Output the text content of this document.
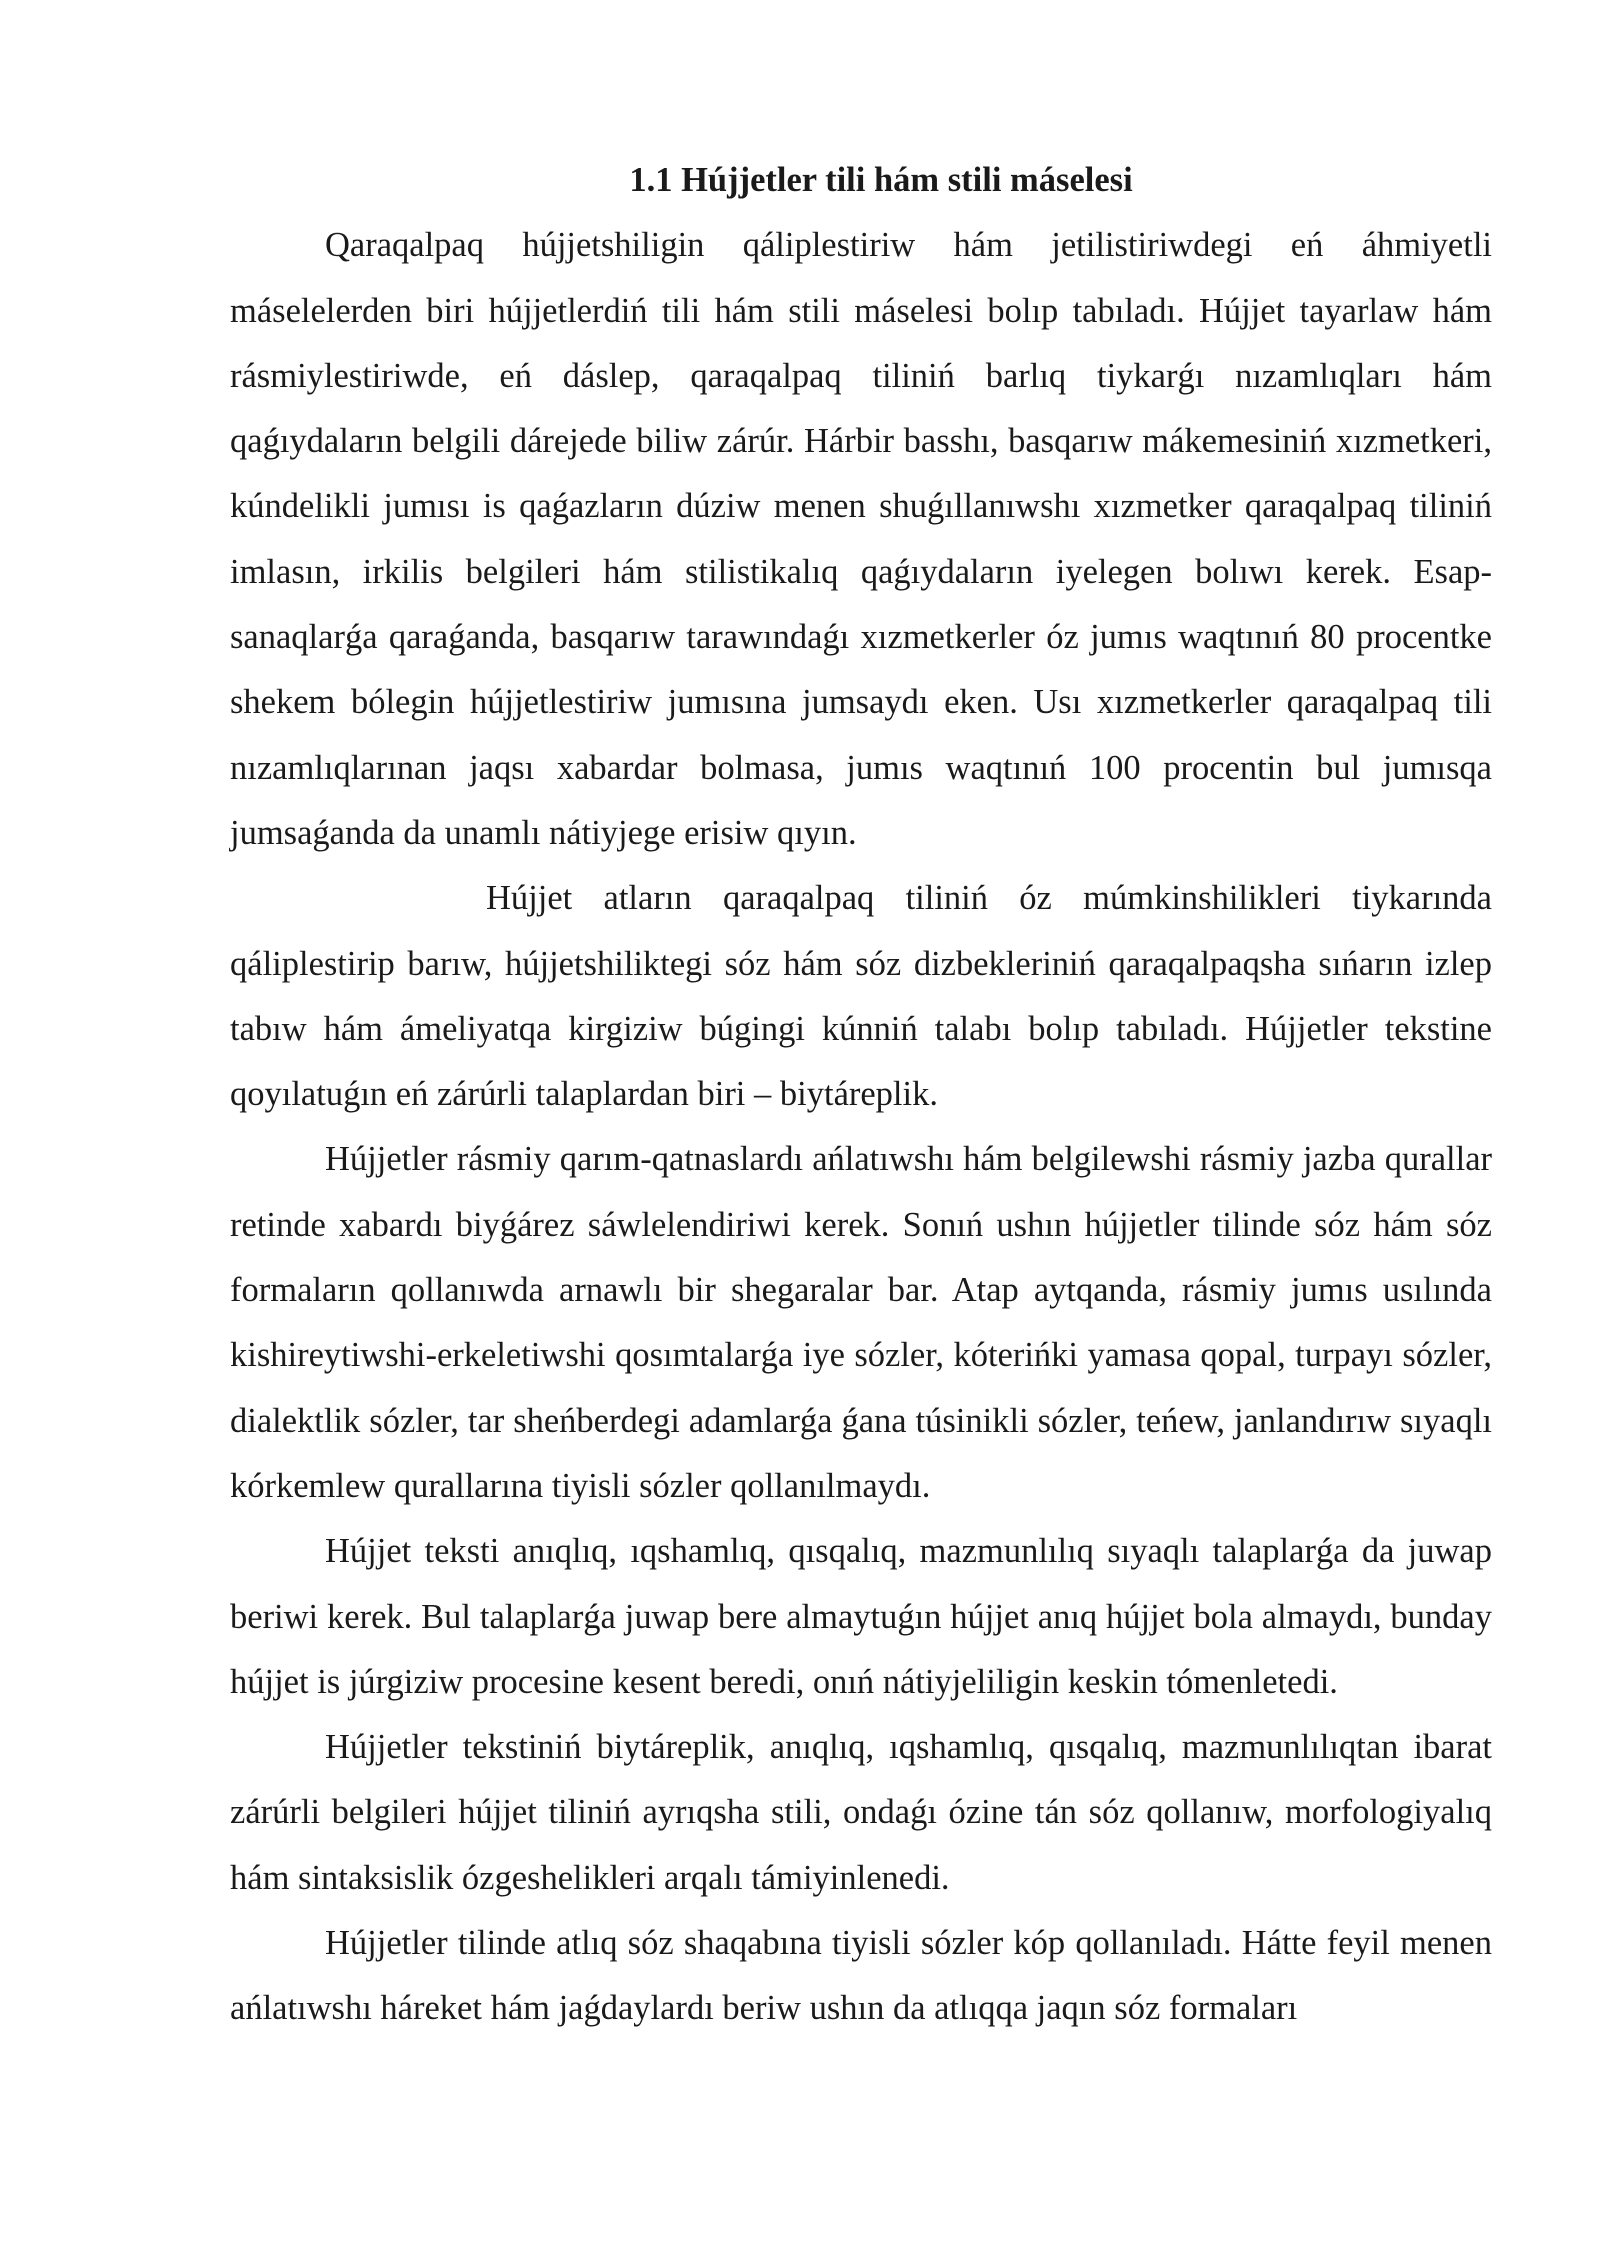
1.1 Hújjetler tili hám stili máselesi

Qaraqalpaq hújjetshiligin qáliplestiriw hám jetilistiriwdegi eń áhmiyetli máselelerden biri hújjetlerdiń tili hám stili máselesi bolıp tabıladı. Hújjet tayarlaw hám rásmiylestiriwde, eń dáslep, qaraqalpaq tiliniń barlıq tiykarǵı nızamlıqları hám qaǵıydaların belgili dárejede biliw zárúr. Hárbir basshı, basqarıw mákemesiniń xızmetkeri, kúndelikli jumısı is qaǵazların dúziw menen shuǵıllanıwshı xızmetker qaraqalpaq tiliniń imlasın, irkilis belgileri hám stilistikalıq qaǵıydaların iyelegen bolıwı kerek. Esap-sanaqlarǵa qaraǵanda, basqarıw tarawındaǵı xızmetkerler óz jumıs waqtınıń 80 procentke shekem bólegin hújjetlestiriw jumısına jumsaydı eken. Usı xızmetkerler qaraqalpaq tili nızamlıqlarınan jaqsı xabardar bolmasa, jumıs waqtınıń 100 procentin bul jumısqa jumsaǵanda da unamlı nátiyjege erisiw qıyın.

Hújjet atların qaraqalpaq tiliniń óz múmkinshilikleri tiykarında qáliplestirip barıw, hújjetshiliktegi sóz hám sóz dizbekleriniń qaraqalpaqsha sıńarın izlep tabıw hám ámeliyatqa kirgiziw búgingi kúnniń talabı bolıp tabıladı. Hújjetler tekstine qoyılatuǵın eń zárúrli talaplardan biri – biytáreplik.

Hújjetler rásmiy qarım-qatnaslardı ańlatıwshı hám belgilewshi rásmiy jazba qurallar retinde xabardı biyǵárez sáwlelendiriwi kerek. Sonıń ushın hújjetler tilinde sóz hám sóz formaların qollanıwda arnawlı bir shegaralar bar. Atap aytqanda, rásmiy jumıs usılında kishireytiwshi-erkeletiwshi qosımtalarǵa iye sózler, kóterińki yamasa qopal, turpayı sózler, dialektlik sózler, tar sheńberdegi adamlarǵa ǵana túsinikli sózler, teńew, janlandırıw sıyaqlı kórkemlew qurallarına tiyisli sózler qollanılmaydı.

Hújjet teksti anıqlıq, ıqshamlıq, qısqalıq, mazmunlılıq sıyaqlı talaplarǵa da juwap beriwi kerek. Bul talaplarǵa juwap bere almaytuǵın hújjet anıq hújjet bola almaydı, bunday hújjet is júrgiziw procesine kesent beredi, onıń nátiyjeliligin keskin tómenletedi.

Hújjetler tekstiniń biytáreplik, anıqlıq, ıqshamlıq, qısqalıq, mazmunlılıqtan ibarat zárúrli belgileri hújjet tiliniń ayrıqsha stili, ondaǵı ózine tán sóz qollanıw, morfologiyalıq hám sintaksislik ózgeshelikleri arqalı támiyinlenedi.

Hújjetler tilinde atlıq sóz shaqabına tiyisli sózler kóp qollanıladı. Hátte feyil menen ańlatıwshı háreket hám jaǵdaylardı beriw ushın da atlıqqa jaqın sóz formaları
